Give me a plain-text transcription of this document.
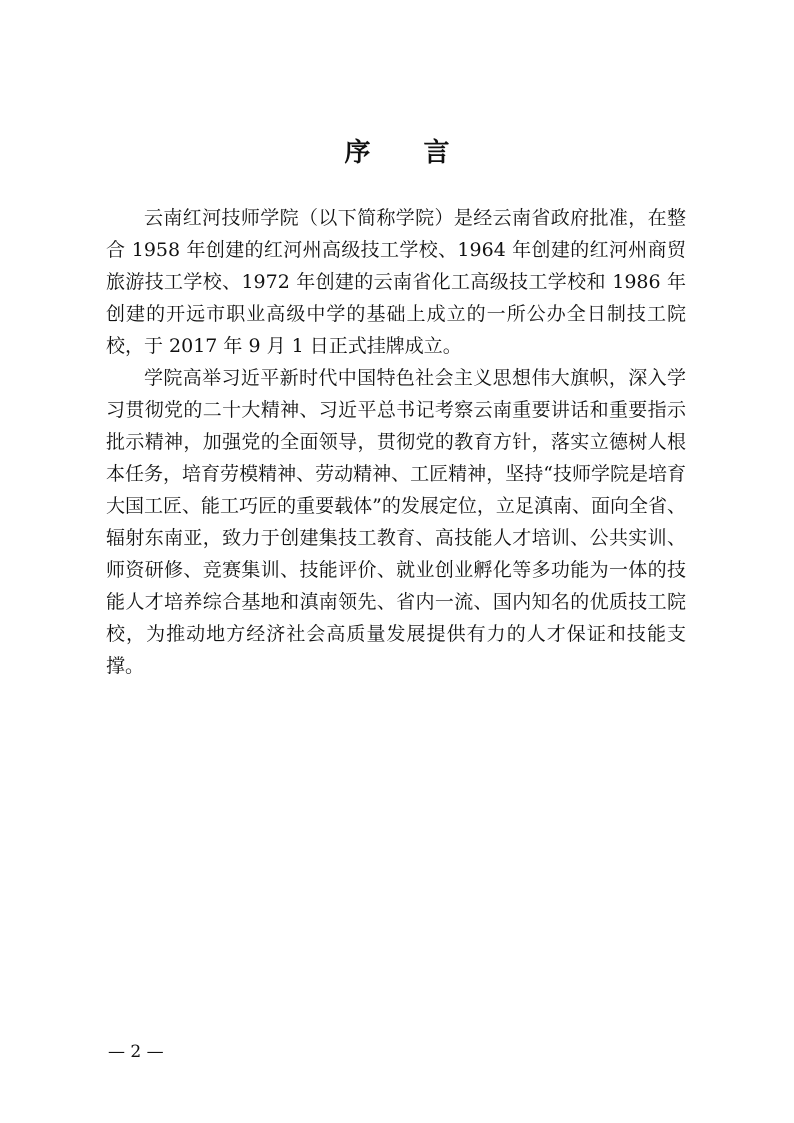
序 言

云南红河技师学院（以下简称学院）是经云南省政府批准，在整合 1958 年创建的红河州高级技工学校、1964 年创建的红河州商贸旅游技工学校、1972 年创建的云南省化工高级技工学校和 1986 年创建的开远市职业高级中学的基础上成立的一所公办全日制技工院校，于 2017 年 9 月 1 日正式挂牌成立。

学院高举习近平新时代中国特色社会主义思想伟大旗帜，深入学习贯彻党的二十大精神、习近平总书记考察云南重要讲话和重要指示批示精神，加强党的全面领导，贯彻党的教育方针，落实立德树人根本任务，培育劳模精神、劳动精神、工匠精神，坚持“技师学院是培育大国工匠、能工巧匠的重要载体”的发展定位，立足滇南、面向全省、辐射东南亚，致力于创建集技工教育、高技能人才培训、公共实训、师资研修、竞赛集训、技能评价、就业创业孵化等多功能为一体的技能人才培养综合基地和滇南领先、省内一流、国内知名的优质技工院校，为推动地方经济社会高质量发展提供有力的人才保证和技能支撑。

— 2 —
